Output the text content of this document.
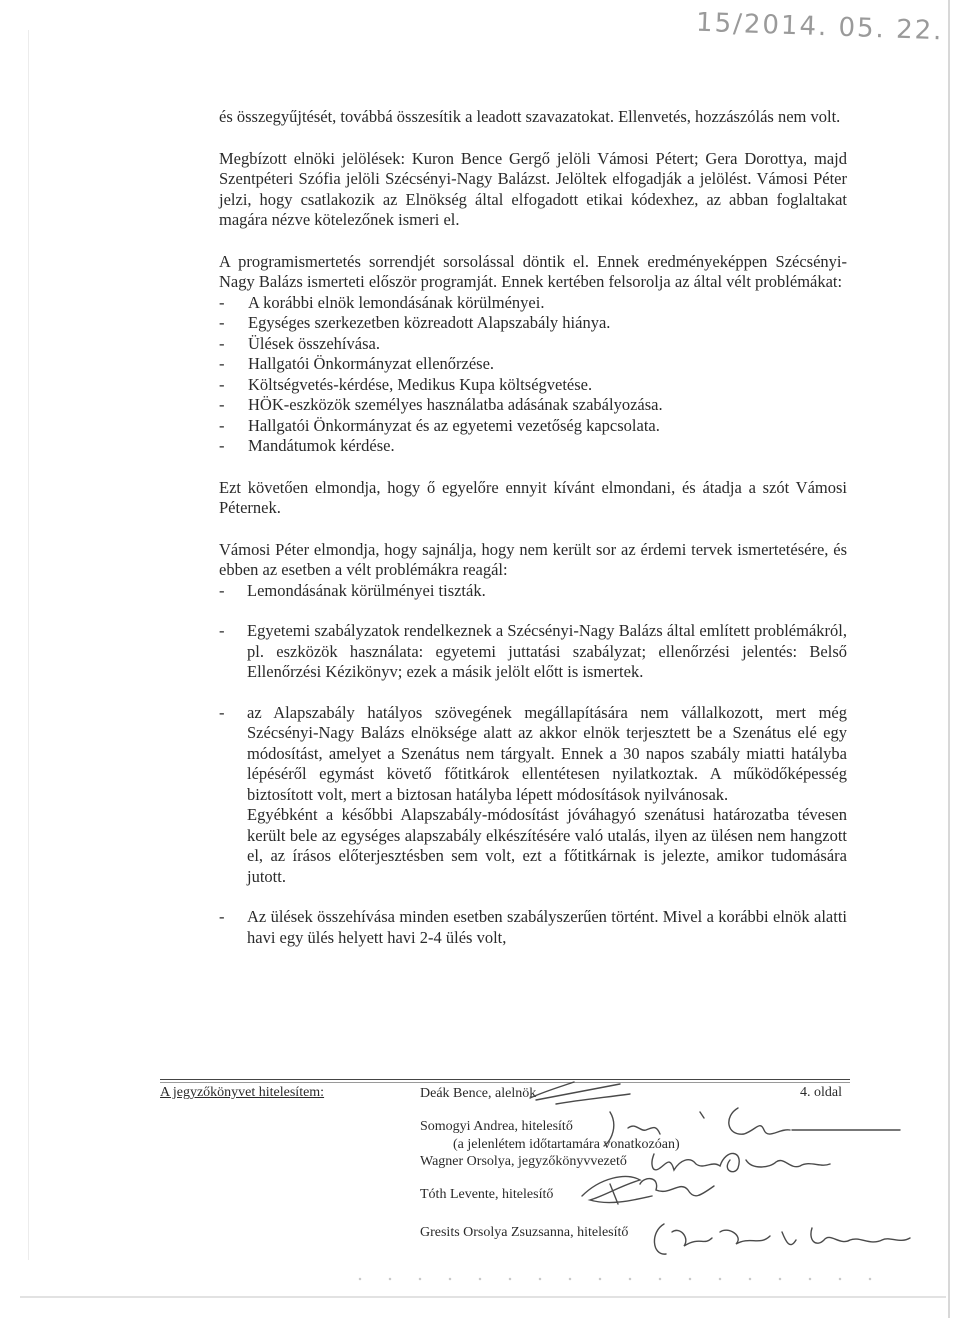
15/2014. 05. 22.

és összegyűjtését, továbbá összesítik a leadott szavazatokat. Ellenvetés, hozzászólás nem volt.

Megbízott elnöki jelölések: Kuron Bence Gergő jelöli Vámosi Pétert; Gera Dorottya, majd Szentpéteri Szófia jelöli Szécsényi-Nagy Balázst. Jelöltek elfogadják a jelölést. Vámosi Péter jelzi, hogy csatlakozik az Elnökség által elfogadott etikai kódexhez, az abban foglaltakat magára nézve kötelezőnek ismeri el.

A programismertetés sorrendjét sorsolással döntik el. Ennek eredményeképpen Szécsényi-Nagy Balázs ismerteti először programját. Ennek kertében felsorolja az által vélt problémákat:

- A korábbi elnök lemondásának körülményei.
- Egységes szerkezetben közreadott Alapszabály hiánya.
- Ülések összehívása.
- Hallgatói Önkormányzat ellenőrzése.
- Költségvetés-kérdése, Medikus Kupa költségvetése.
- HÖK-eszközök személyes használatba adásának szabályozása.
- Hallgatói Önkormányzat és az egyetemi vezetőség kapcsolata.
- Mandátumok kérdése.

Ezt követően elmondja, hogy ő egyelőre ennyit kívánt elmondani, és átadja a szót Vámosi Péternek.

Vámosi Péter elmondja, hogy sajnálja, hogy nem került sor az érdemi tervek ismertetésére, és ebben az esetben a vélt problémákra reagál:

- Lemondásának körülményei tiszták.
- Egyetemi szabályzatok rendelkeznek a Szécsényi-Nagy Balázs által említett problémákról, pl. eszközök használata: egyetemi juttatási szabályzat; ellenőrzési jelentés: Belső Ellenőrzési Kézikönyv; ezek a másik jelölt előtt is ismertek.
- az Alapszabály hatályos szövegének megállapítására nem vállalkozott, mert még Szécsényi-Nagy Balázs elnöksége alatt az akkor elnök terjesztett be a Szenátus elé egy módosítást, amelyet a Szenátus nem tárgyalt. Ennek a 30 napos szabály miatti hatályba lépéséről egymást követő főtitkárok ellentétesen nyilatkoztak. A működőképesség biztosított volt, mert a biztosan hatályba lépett módosítások nyilvánosak.

Egyébként a későbbi Alapszabály-módosítást jóváhagyó szenátusi határozatba tévesen került bele az egységes alapszabály elkészítésére való utalás, ilyen az ülésen nem hangzott el, az írásos előterjesztésben sem volt, ezt a főtitkárnak is jelezte, amikor tudomására jutott.

- Az ülések összehívása minden esetben szabályszerűen történt. Mivel a korábbi elnök alatti havi egy ülés helyett havi 2-4 ülés volt,
A jegyzőkönyvet hitelesítem:	4. oldal
Deák Bence, alelnök
Somogyi Andrea, hitelesítő
(a jelenlétem időtartamára vonatkozóan)
Wagner Orsolya, jegyzőkönyvvezető
Tóth Levente, hitelesítő
Gresits Orsolya Zsuzsanna, hitelesítő
